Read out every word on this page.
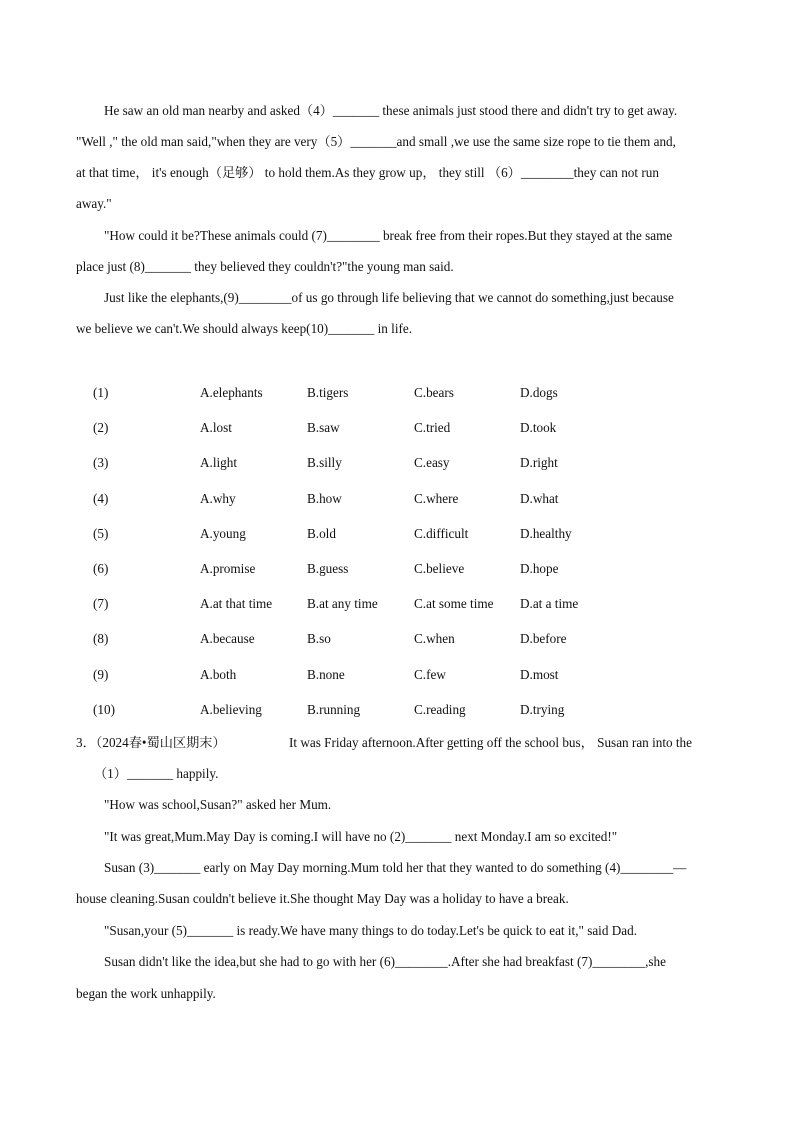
He saw an old man nearby and asked（4）_______ these animals just stood there and didn't try to get away.
"Well ," the old man said,"when they are very（5）_______and small ,we use the same size rope to tie them and,
at that time， it's enough（足够） to hold them.As they grow up， they still （6）________they can not run
away."
"How could it be?These animals could (7)________ break free from their ropes.But they stayed at the same
place just (8)_______ they believed they couldn't?"the young man said.
Just like the elephants,(9)________of us go through life believing that we cannot do something,just because
we believe we can't.We should always keep(10)_______ in life.
(1)	A.elephants	B.tigers	C.bears	D.dogs
(2)	A.lost	B.saw	C.tried	D.took
(3)	A.light	B.silly	C.easy	D.right
(4)	A.why	B.how	C.where	D.what
(5)	A.young	B.old	C.difficult	D.healthy
(6)	A.promise	B.guess	C.believe	D.hope
(7)	A.at that time	B.at any time	C.at some time D.at a time
(8)	A.because	B.so	C.when	D.before
(9)	A.both	B.none	C.few	D.most
(10)	A.believing	B.running	C.reading	D.trying
3．（2024春•蜀山区期末）	It was Friday afternoon.After getting off the school bus， Susan ran into the
（1）_______ happily.
"How was school,Susan?" asked her Mum.
"It was great,Mum.May Day is coming.I will have no (2)_______ next Monday.I am so excited!"
Susan (3)_______ early on May Day morning.Mum told her that they wanted to do something (4)________—
house cleaning.Susan couldn't believe it.She thought May Day was a holiday to have a break.
"Susan,your (5)_______ is ready.We have many things to do today.Let's be quick to eat it," said Dad.
Susan didn't like the idea,but she had to go with her (6)________.After she had breakfast (7)________,she
began the work unhappily.
